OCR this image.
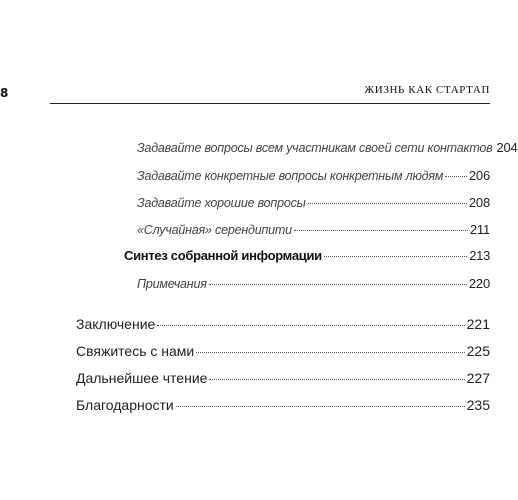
8	ЖИЗНЬ КАК СТАРТАП
Задавайте вопросы всем участникам своей сети контактов 204
Задавайте конкретные вопросы конкретным людям 206
Задавайте хорошие вопросы	208
«Случайная» серендипити	211
Синтез собранной информации	213
Примечания	220
Заключение	221
Свяжитесь с нами	225
Дальнейшее чтение	227
Благодарности	235
